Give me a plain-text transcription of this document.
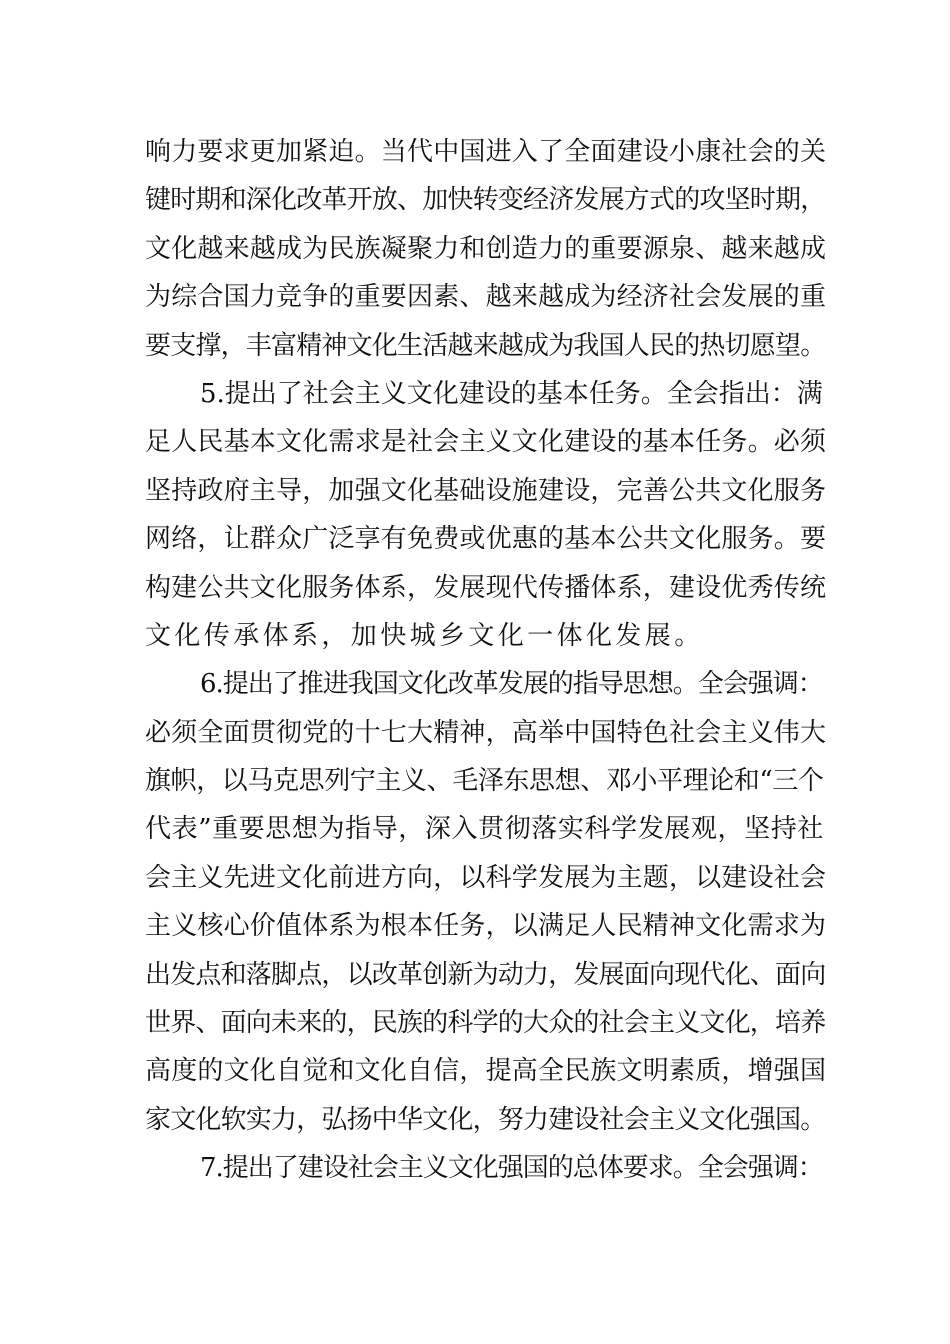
响力要求更加紧迫。当代中国进入了全面建设小康社会的关
键时期和深化改革开放、加快转变经济发展方式的攻坚时期，
文化越来越成为民族凝聚力和创造力的重要源泉、越来越成
为综合国力竞争的重要因素、越来越成为经济社会发展的重
要支撑，丰富精神文化生活越来越成为我国人民的热切愿望。
5.提出了社会主义文化建设的基本任务。全会指出：满
足人民基本文化需求是社会主义文化建设的基本任务。必须
坚持政府主导，加强文化基础设施建设，完善公共文化服务
网络，让群众广泛享有免费或优惠的基本公共文化服务。要
构建公共文化服务体系，发展现代传播体系，建设优秀传统
文化传承体系，加快城乡文化一体化发展。
6.提出了推进我国文化改革发展的指导思想。全会强调：
必须全面贯彻党的十七大精神，高举中国特色社会主义伟大
旗帜，以马克思列宁主义、毛泽东思想、邓小平理论和“三个
代表”重要思想为指导，深入贯彻落实科学发展观，坚持社
会主义先进文化前进方向，以科学发展为主题，以建设社会
主义核心价值体系为根本任务，以满足人民精神文化需求为
出发点和落脚点，以改革创新为动力，发展面向现代化、面向
世界、面向未来的，民族的科学的大众的社会主义文化，培养
高度的文化自觉和文化自信，提高全民族文明素质，增强国
家文化软实力，弘扬中华文化，努力建设社会主义文化强国。
7.提出了建设社会主义文化强国的总体要求。全会强调：
